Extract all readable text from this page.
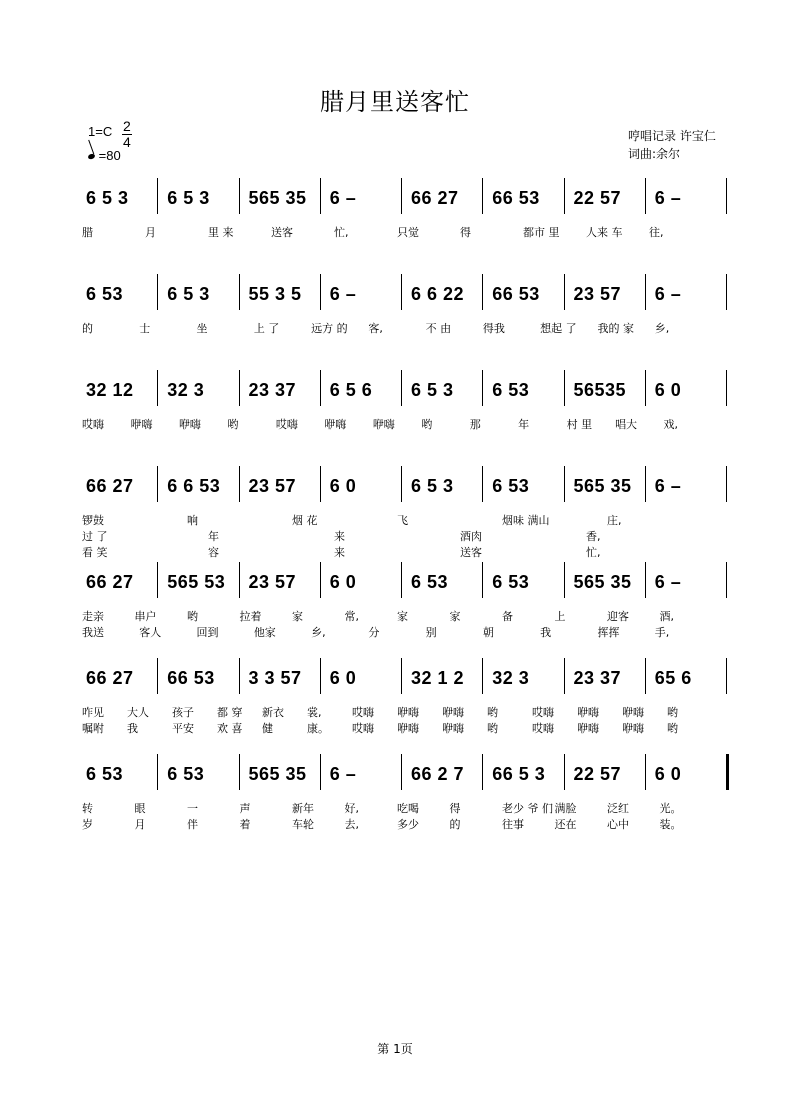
腊月里送客忙
$1=C \frac{2}{4}$
=80
哼唱记录 许宝仁
词曲:余尔
6 5 3 6 5 3 565 35 6 –	66 27 66 53 22 57 6 –
腊	月	里 来	送客	忙,	只觉	得	都市 里 人来 车 往,
6 53 6 5 3 55 3 5 6 –	6 6 22 66 53 23 57 6 –
的	士	坐	上 了	远方 的 客,	不 由	得我	想起 了 我的 家 乡,
32 12 32 3 23 37 6 5 6 6 5 3 6 53 56535 6 0
哎嗨 咿嗨 咿嗨 哟	哎嗨 咿嗨 咿嗨 哟	那	年	村 里 唱大 戏,
66 27 6 6 53 23 57 6 0	6 5 3 6 53 565 35 6 –
锣鼓	响	烟 花	飞	烟味 满山	庄,
过 了	年	来	酒肉	香,
看 笑	容	来	送客	忙,
66 27 565 53 23 57 6 0	6 53 6 53 565 35 6 –
走亲	串户	哟	拉着	家	常,	家	家	备	上	迎客	酒,
我送	客人	回到	他家	乡,	分	别	朝	我	挥挥	手,
66 27 66 53 3 3 57 6 0	32 1 2 32 3 23 37 65 6
咋见 大人 孩子 都 穿 新衣 裳,	哎嗨 咿嗨 咿嗨 哟	哎嗨 咿嗨 咿嗨 哟
嘱咐 我	平安 欢 喜 健	康。 哎嗨 咿嗨 咿嗨 哟	哎嗨 咿嗨 咿嗨 哟
6 53 6 53 565 35 6 –	66 2 7 66 5 3 22 57 6 0
转	眼	一	声	新年	好,	吃喝	得	老少 爷 们 满脸	泛红	光。
岁	月	伴	着	车轮	去,	多少	的	往事	还在	心中	装。
第 1页
